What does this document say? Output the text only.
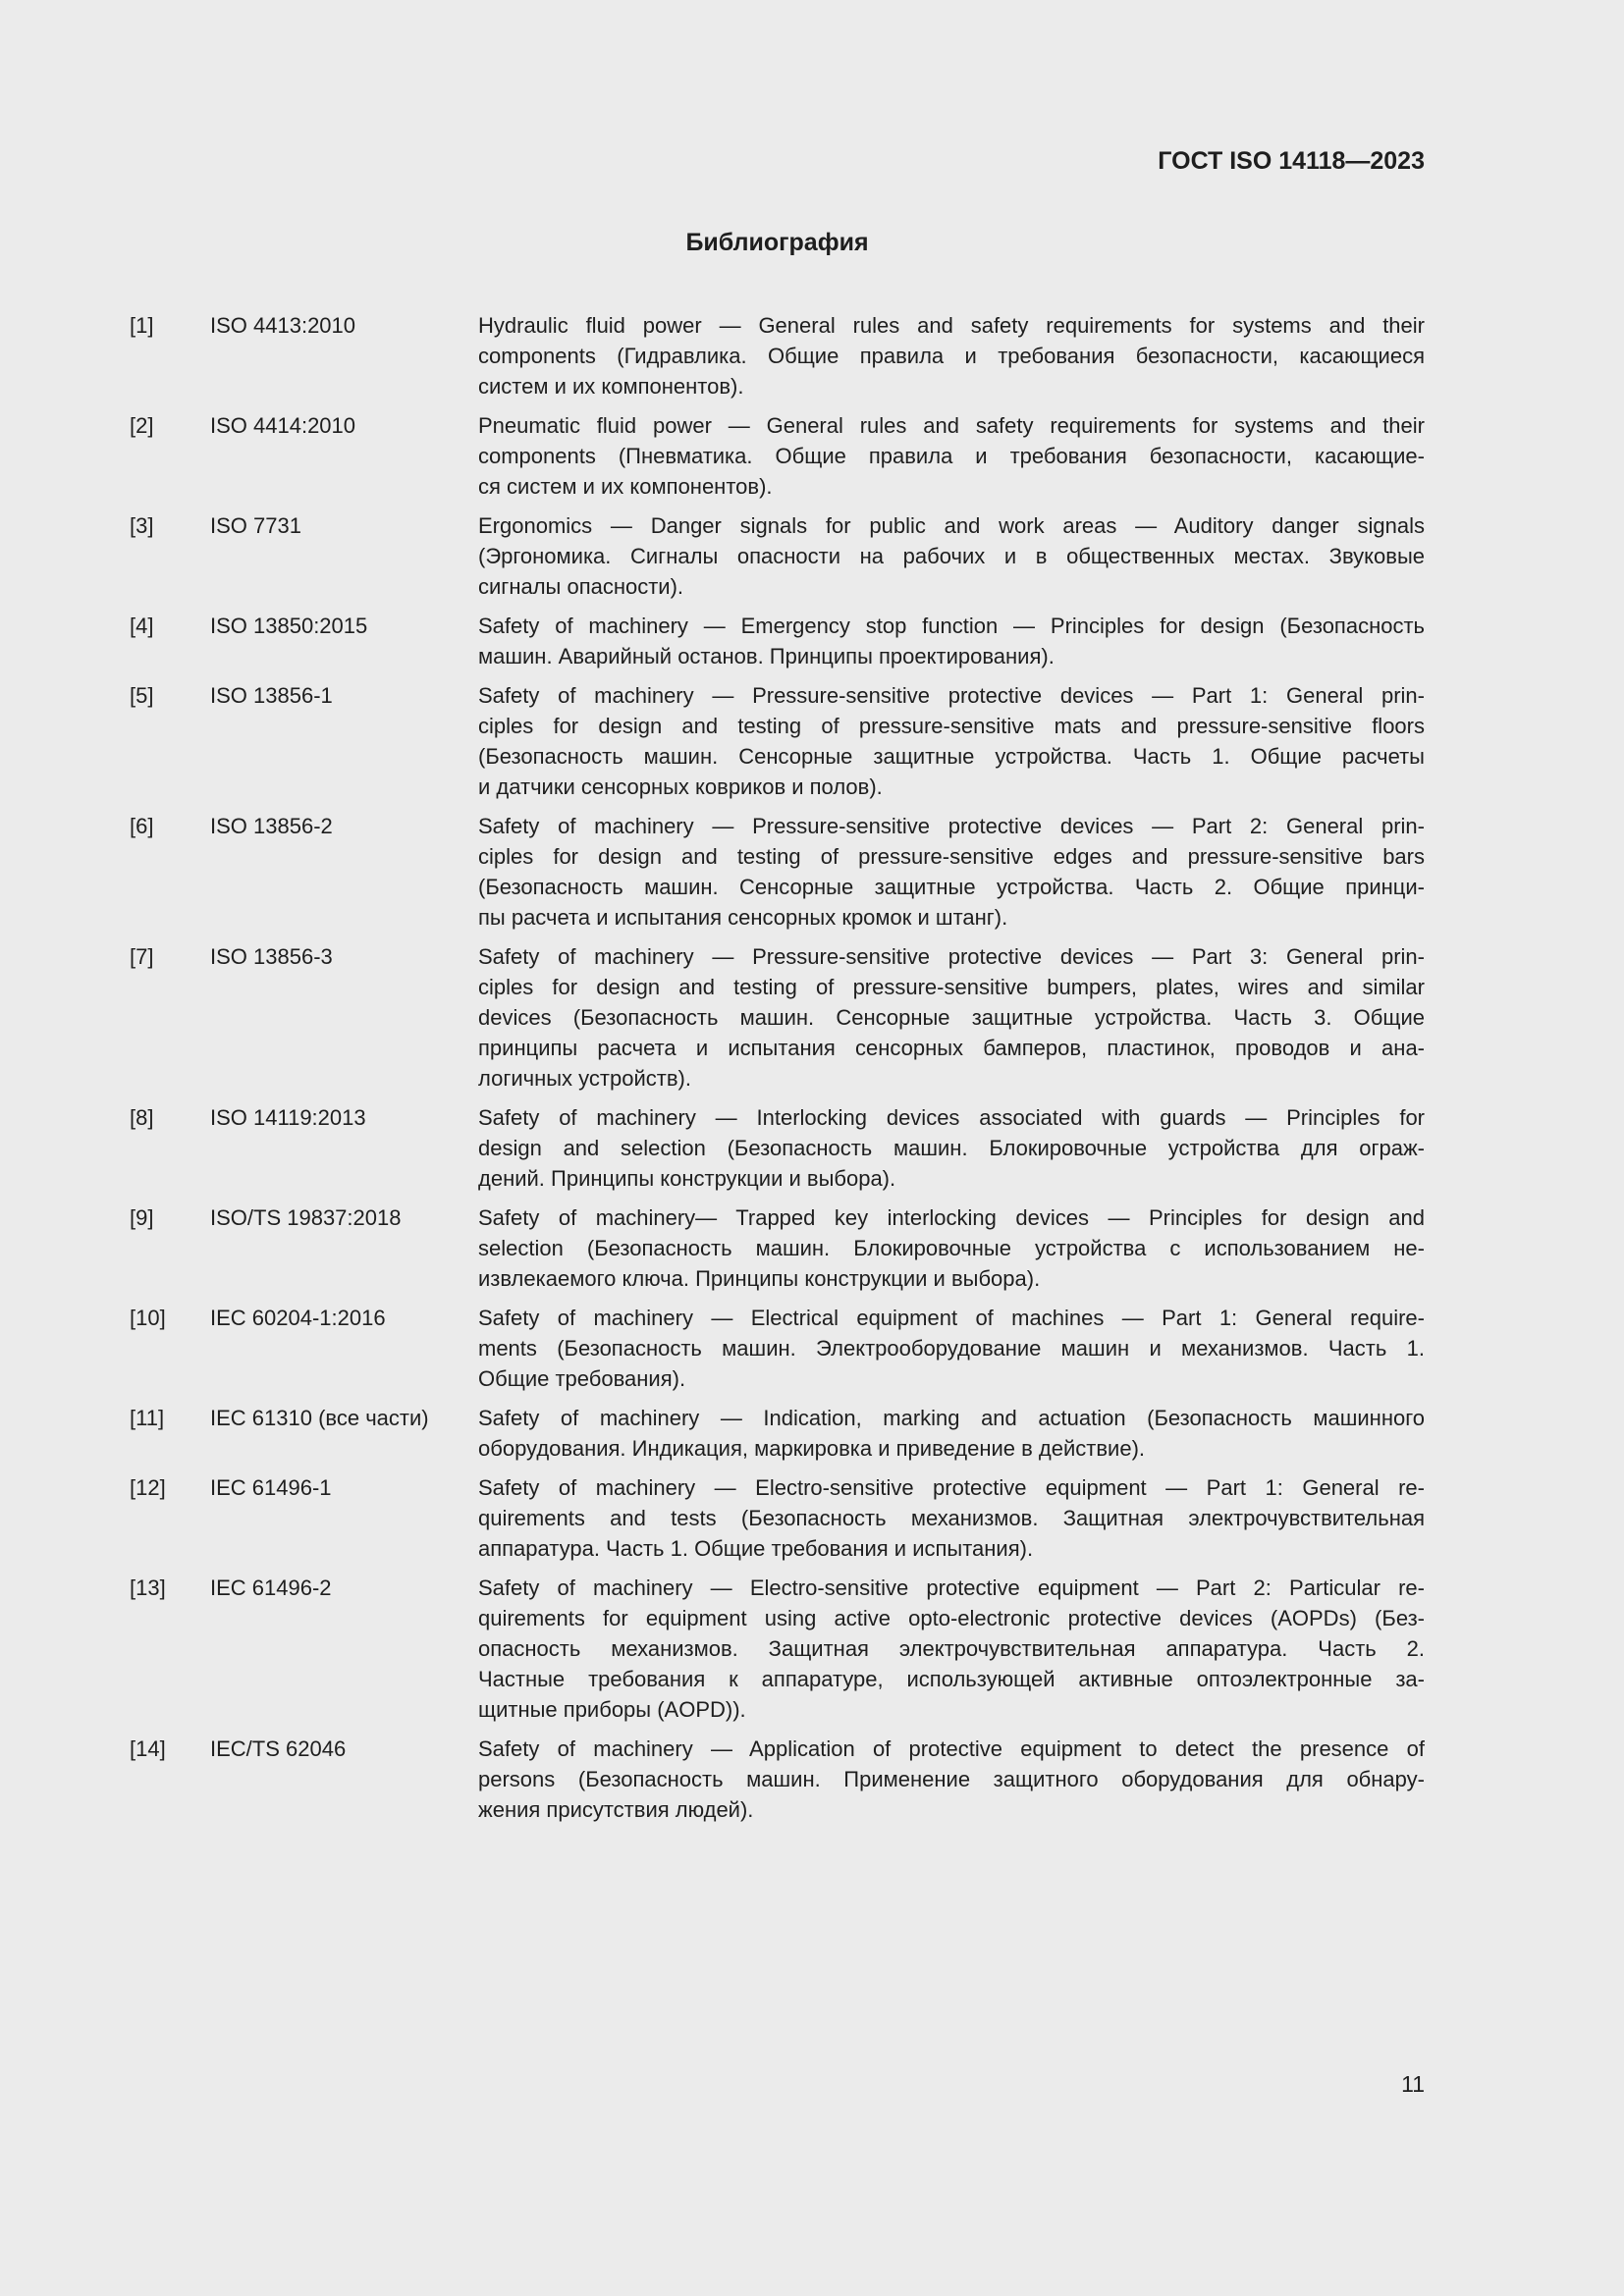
ГОСТ ISO 14118—2023
Библиография
[1]	ISO 4413:2010	Hydraulic fluid power — General rules and safety requirements for systems and their
components (Гидравлика. Общие правила и требования безопасности, касающиеся
систем и их компонентов).
[2]	ISO 4414:2010	Pneumatic fluid power — General rules and safety requirements for systems and their
components (Пневматика. Общие правила и требования безопасности, касающие-
ся систем и их компонентов).
[3]	ISO 7731	Ergonomics — Danger signals for public and work areas — Auditory danger signals
(Эргономика. Сигналы опасности на рабочих и в общественных местах. Звуковые
сигналы опасности).
[4]	ISO 13850:2015	Safety of machinery — Emergency stop function — Principles for design (Безопасность
машин. Аварийный останов. Принципы проектирования).
[5]	ISO 13856-1	Safety of machinery — Pressure-sensitive protective devices — Part 1: General prin-
ciples for design and testing of pressure-sensitive mats and pressure-sensitive floors
(Безопасность машин. Сенсорные защитные устройства. Часть 1. Общие расчеты
и датчики сенсорных ковриков и полов).
[6]	ISO 13856-2	Safety of machinery — Pressure-sensitive protective devices — Part 2: General prin-
ciples for design and testing of pressure-sensitive edges and pressure-sensitive bars
(Безопасность машин. Сенсорные защитные устройства. Часть 2. Общие принци-
пы расчета и испытания сенсорных кромок и штанг).
[7]	ISO 13856-3	Safety of machinery — Pressure-sensitive protective devices — Part 3: General prin-
ciples for design and testing of pressure-sensitive bumpers, plates, wires and similar
devices (Безопасность машин. Сенсорные защитные устройства. Часть 3. Общие
принципы расчета и испытания сенсорных бамперов, пластинок, проводов и ана-
логичных устройств).
[8]	ISO 14119:2013	Safety of machinery — Interlocking devices associated with guards — Principles for
design and selection (Безопасность машин. Блокировочные устройства для ограж-
дений. Принципы конструкции и выбора).
[9]	ISO/TS 19837:2018	Safety of machinery— Trapped key interlocking devices — Principles for design and
selection (Безопасность машин. Блокировочные устройства с использованием не-
извлекаемого ключа. Принципы конструкции и выбора).
[10]	IEC 60204-1:2016	Safety of machinery — Electrical equipment of machines — Part 1: General require-
ments (Безопасность машин. Электрооборудование машин и механизмов. Часть 1.
Общие требования).
[11]	IEC 61310 (все части)	Safety of machinery — Indication, marking and actuation (Безопасность машинного
оборудования. Индикация, маркировка и приведение в действие).
[12]	IEC 61496-1	Safety of machinery — Electro-sensitive protective equipment — Part 1: General re-
quirements and tests (Безопасность механизмов. Защитная электрочувствительная
аппаратура. Часть 1. Общие требования и испытания).
[13]	IEC 61496-2	Safety of machinery — Electro-sensitive protective equipment — Part 2: Particular re-
quirements for equipment using active opto-electronic protective devices (AOPDs) (Без-
опасность механизмов. Защитная электрочувствительная аппаратура. Часть 2.
Частные требования к аппаратуре, использующей активные оптоэлектронные за-
щитные приборы (AOPD)).
[14]	IEC/TS 62046	Safety of machinery — Application of protective equipment to detect the presence of
persons (Безопасность машин. Применение защитного оборудования для обнару-
жения присутствия людей).
11
